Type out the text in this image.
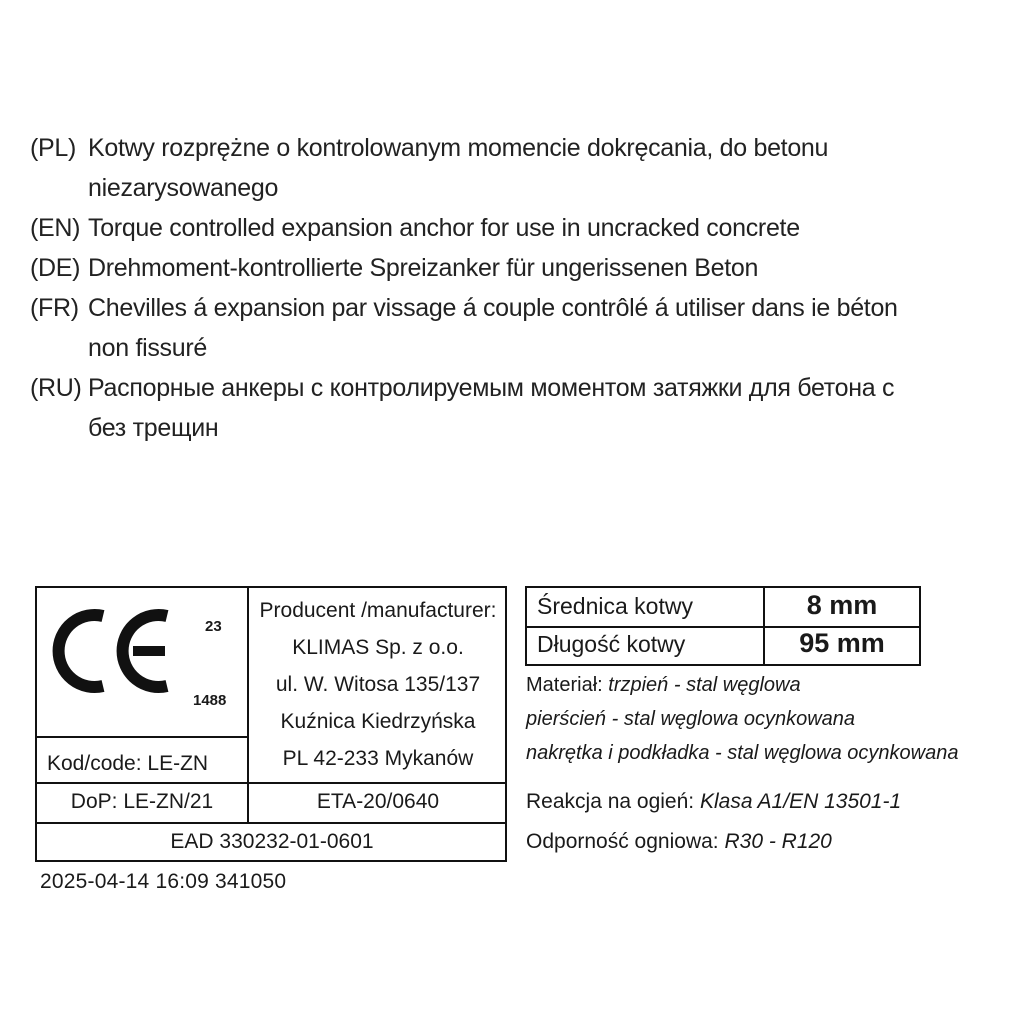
(PL) Kotwy rozprężne o kontrolowanym momencie dokręcania, do betonu
niezarysowanego
(EN) Torque controlled expansion anchor for use in uncracked concrete
(DE) Drehmoment-kontrollierte Spreizanker für ungerissenen Beton
(FR) Chevilles á expansion par vissage á couple contrôlé á utiliser dans ie béton
non fissuré
(RU) Распорные анкеры с контролируемым моментом затяжки для бетона с
без трещин
23
1488
Kod/code: LE-ZN
Producent /manufacturer:
KLIMAS Sp. z o.o.
ul. W. Witosa 135/137
Kuźnica Kiedrzyńska
PL 42-233 Mykanów
DoP: LE-ZN/21	ETA-20/0640
EAD 330232-01-0601
2025-04-14 16:09 341050
Średnica kotwy	8 mm
Długość kotwy	95 mm
Materiał: trzpień - stal węglowa
pierścień - stal węglowa ocynkowana
nakrętka i podkładka - stal węglowa ocynkowana
Reakcja na ogień: Klasa A1/EN 13501-1
Odporność ogniowa: R30 - R120
